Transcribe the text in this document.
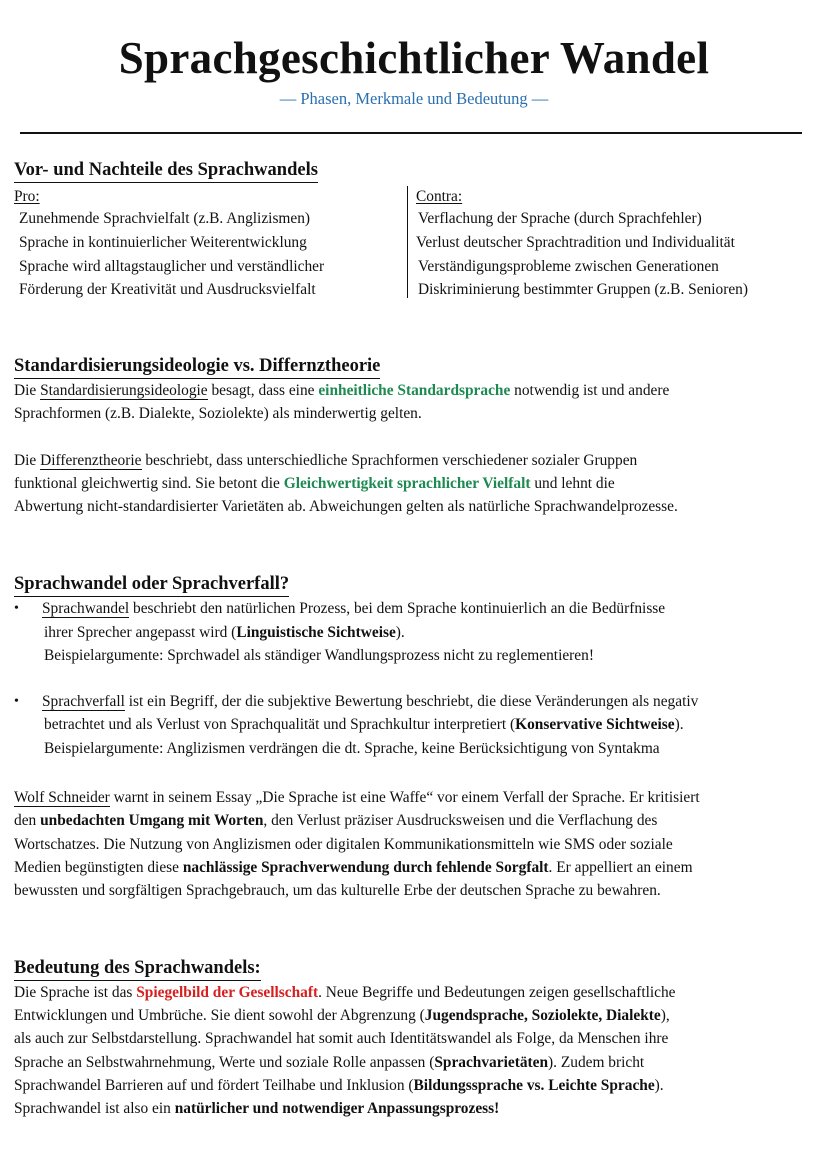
Sprachgeschichtlicher Wandel
— Phasen, Merkmale und Bedeutung —
Vor- und Nachteile des Sprachwandels
Pro:
Zunehmende Sprachvielfalt (z.B. Anglizismen)
Sprache in kontinuierlicher Weiterentwicklung
Sprache wird alltagstauglicher und verständlicher
Förderung der Kreativität und Ausdrucksvielfalt
Contra:
Verflachung der Sprache (durch Sprachfehler)
Verlust deutscher Sprachtradition und Individualität
Verständigungsprobleme zwischen Generationen
Diskriminierung bestimmter Gruppen (z.B. Senioren)
Standardisierungsideologie vs. Differnztheorie
Die Standardisierungsideologie besagt, dass eine einheitliche Standardsprache notwendig ist und andere
Sprachformen (z.B. Dialekte, Soziolekte) als minderwertig gelten.
Die Differenztheorie beschriebt, dass unterschiedliche Sprachformen verschiedener sozialer Gruppen
funktional gleichwertig sind. Sie betont die Gleichwertigkeit sprachlicher Vielfalt und lehnt die
Abwertung nicht-standardisierter Varietäten ab. Abweichungen gelten als natürliche Sprachwandelprozesse.
Sprachwandel oder Sprachverfall?
• Sprachwandel beschriebt den natürlichen Prozess, bei dem Sprache kontinuierlich an die Bedürfnisse
ihrer Sprecher angepasst wird (Linguistische Sichtweise).
Beispielargumente: Sprchwadel als ständiger Wandlungsprozess nicht zu reglementieren!
• Sprachverfall ist ein Begriff, der die subjektive Bewertung beschriebt, die diese Veränderungen als negativ
betrachtet und als Verlust von Sprachqualität und Sprachkultur interpretiert (Konservative Sichtweise).
Beispielargumente: Anglizismen verdrängen die dt. Sprache, keine Berücksichtigung von Syntakma
Wolf Schneider warnt in seinem Essay „Die Sprache ist eine Waffe“ vor einem Verfall der Sprache. Er kritisiert
den unbedachten Umgang mit Worten, den Verlust präziser Ausdrucksweisen und die Verflachung des
Wortschatzes. Die Nutzung von Anglizismen oder digitalen Kommunikationsmitteln wie SMS oder soziale
Medien begünstigten diese nachlässige Sprachverwendung durch fehlende Sorgfalt. Er appelliert an einem
bewussten und sorgfältigen Sprachgebrauch, um das kulturelle Erbe der deutschen Sprache zu bewahren.
Bedeutung des Sprachwandels:
Die Sprache ist das Spiegelbild der Gesellschaft. Neue Begriffe und Bedeutungen zeigen gesellschaftliche
Entwicklungen und Umbrüche. Sie dient sowohl der Abgrenzung (Jugendsprache, Soziolekte, Dialekte),
als auch zur Selbstdarstellung. Sprachwandel hat somit auch Identitätswandel als Folge, da Menschen ihre
Sprache an Selbstwahrnehmung, Werte und soziale Rolle anpassen (Sprachvarietäten). Zudem bricht
Sprachwandel Barrieren auf und fördert Teilhabe und Inklusion (Bildungssprache vs. Leichte Sprache).
Sprachwandel ist also ein natürlicher und notwendiger Anpassungsprozess!
